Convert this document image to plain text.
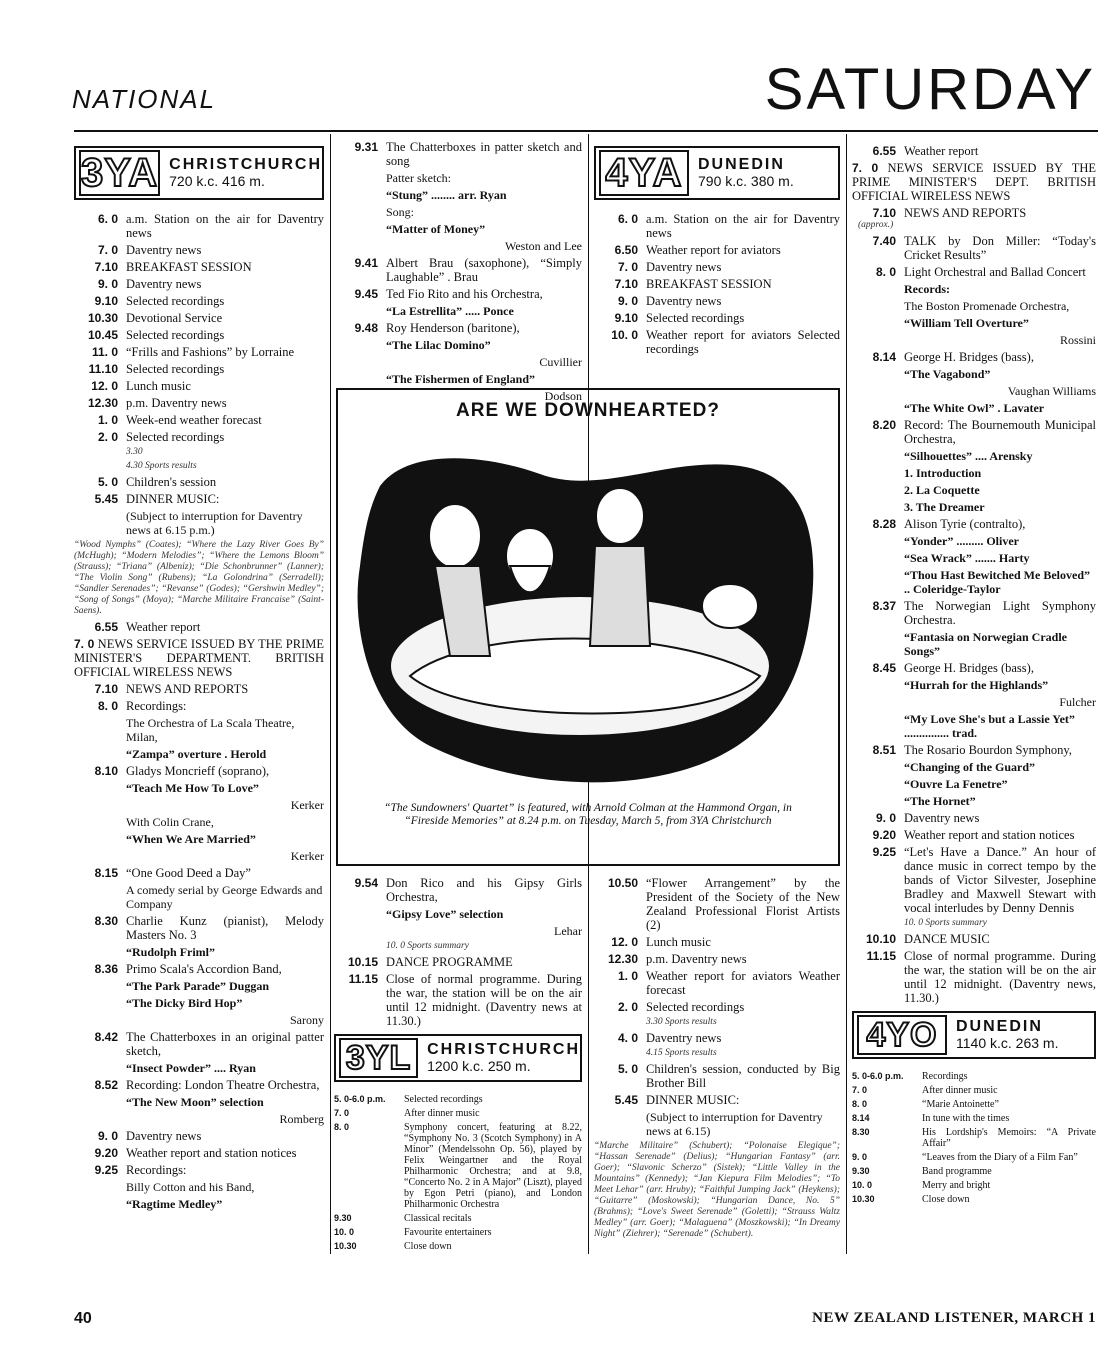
NATIONAL	SATURDAY
3YA CHRISTCHURCH
720 k.c. 416 m.
6. 0 a.m. Station on the air for Daventry news
7. 0 Daventry news
7.10 BREAKFAST SESSION
9. 0 Daventry news
9.10 Selected recordings
10.30 Devotional Service
10.45 Selected recordings
11. 0 “Frills and Fashions” by Lorraine
11.10 Selected recordings
12. 0 Lunch music
12.30 p.m. Daventry news
1. 0 Week-end weather forecast
2. 0 Selected recordings
3.30
4.30 Sports results
5. 0 Children's session
5.45 DINNER MUSIC:
(Subject to interruption for Daventry news at 6.15 p.m.)
“Wood Nymphs” (Coates); “Where the Lazy River Goes By” (McHugh); “Modern Melodies”; “Where the Lemons Bloom” (Strauss); “Triana” (Albeniz); “Die Schonbrunner” (Lanner); “The Violin Song” (Rubens); “La Golondrina” (Serradell); “Sandler Serenades”; “Revanse” (Godes); “Gershwin Medley”; “Song of Songs” (Moya); “Marche Militaire Francaise” (Saint-Saens).
6.55 Weather report
7. 0 NEWS SERVICE ISSUED BY THE PRIME MINISTER'S DEPARTMENT. BRITISH OFFICIAL WIRELESS NEWS
7.10 NEWS AND REPORTS
8. 0 Recordings:
The Orchestra of La Scala Theatre, Milan,
“Zampa” overture . Herold
8.10 Gladys Moncrieff (soprano),
“Teach Me How To Love”
Kerker
With Colin Crane,
“When We Are Married”
Kerker
8.15 “One Good Deed a Day”
A comedy serial by George Edwards and Company
8.30 Charlie Kunz (pianist), Melody Masters No. 3
“Rudolph Friml”
8.36 Primo Scala's Accordion Band,
“The Park Parade” Duggan
“The Dicky Bird Hop”
Sarony
8.42 The Chatterboxes in an original patter sketch,
“Insect Powder” .... Ryan
8.52 Recording: London Theatre Orchestra,
“The New Moon” selection
Romberg
9. 0 Daventry news
9.20 Weather report and station notices
9.25 Recordings:
Billy Cotton and his Band,
“Ragtime Medley”
9.31 The Chatterboxes in patter sketch and song
Patter sketch:
“Stung” ........ arr. Ryan
Song:
“Matter of Money”
Weston and Lee
9.41 Albert Brau (saxophone), “Simply Laughable” . Brau
9.45 Ted Fio Rito and his Orchestra,
“La Estrellita” ..... Ponce
9.48 Roy Henderson (baritone),
“The Lilac Domino”
Cuvillier
“The Fishermen of England”
Dodson
4YA DUNEDIN
790 k.c. 380 m.
6. 0 a.m. Station on the air for Daventry news
6.50 Weather report for aviators
7. 0 Daventry news
7.10 BREAKFAST SESSION
9. 0 Daventry news
9.10 Selected recordings
10. 0 Weather report for aviators Selected recordings
ARE WE DOWNHEARTED?
“The Sundowners' Quartet” is featured, with Arnold Colman at the Hammond Organ, in “Fireside Memories” at 8.24 p.m. on Tuesday, March 5, from 3YA Christchurch
9.54 Don Rico and his Gipsy Girls Orchestra,
“Gipsy Love” selection
Lehar
10. 0 Sports summary
10.15 DANCE PROGRAMME
11.15 Close of normal programme. During the war, the station will be on the air until 12 midnight. (Daventry news at 11.30.)
3YL CHRISTCHURCH
1200 k.c. 250 m.
5. 0-6.0 p.m.	Selected recordings
7. 0	After dinner music
8. 0	Symphony concert, featuring at 8.22, “Symphony No. 3 (Scotch Symphony) in A Minor” (Mendelssohn Op. 56), played by Felix Weingartner and the Royal Philharmonic Orchestra; and at 9.8, “Concerto No. 2 in A Major” (Liszt), played by Egon Petri (piano), and London Philharmonic Orchestra
9.30	Classical recitals
10. 0	Favourite entertainers
10.30	Close down
10.50 “Flower Arrangement” by the President of the Society of the New Zealand Professional Florist Artists (2)
12. 0 Lunch music
12.30 p.m. Daventry news
1. 0 Weather report for aviators Weather forecast
2. 0 Selected recordings
3.30 Sports results
4. 0 Daventry news
4.15 Sports results
5. 0 Children's session, conducted by Big Brother Bill
5.45 DINNER MUSIC:
(Subject to interruption for Daventry news at 6.15)
“Marche Militaire” (Schubert); “Polonaise Elegique”; “Hassan Serenade” (Delius); “Hungarian Fantasy” (arr. Goer); “Slavonic Scherzo” (Sistek); “Little Valley in the Mountains” (Kennedy); “Jan Kiepura Film Melodies”; “To Meet Lehar” (arr. Hruby); “Faithful Jumping Jack” (Heykens); “Guitarre” (Moskowski); “Hungarian Dance, No. 5” (Brahms); “Love's Sweet Serenade” (Goletti); “Strauss Waltz Medley” (arr. Goer); “Malaguena” (Moszkowski); “In Dreamy Night” (Ziehrer); “Serenade” (Schubert).
6.55 Weather report
7. 0 NEWS SERVICE ISSUED BY THE PRIME MINISTER'S DEPT. BRITISH OFFICIAL WIRELESS NEWS
7.10 NEWS AND REPORTS
(approx.)
7.40 TALK by Don Miller: “Today's Cricket Results”
8. 0 Light Orchestral and Ballad Concert
Records:
The Boston Promenade Orchestra,
“William Tell Overture”
Rossini
8.14 George H. Bridges (bass),
“The Vagabond”
Vaughan Williams
“The White Owl” . Lavater
8.20 Record: The Bournemouth Municipal Orchestra,
“Silhouettes” .... Arensky
1. Introduction
2. La Coquette
3. The Dreamer
8.28 Alison Tyrie (contralto),
“Yonder” ......... Oliver
“Sea Wrack” ....... Harty
“Thou Hast Bewitched Me Beloved” .. Coleridge-Taylor
8.37 The Norwegian Light Symphony Orchestra.
“Fantasia on Norwegian Cradle Songs”
8.45 George H. Bridges (bass),
“Hurrah for the Highlands”
Fulcher
“My Love She's but a Lassie Yet” ............... trad.
8.51 The Rosario Bourdon Symphony,
“Changing of the Guard”
“Ouvre La Fenetre”
“The Hornet”
9. 0 Daventry news
9.20 Weather report and station notices
9.25 “Let's Have a Dance.” An hour of dance music in correct tempo by the bands of Victor Silvester, Josephine Bradley and Maxwell Stewart with vocal interludes by Denny Dennis
10. 0 Sports summary
10.10 DANCE MUSIC
11.15 Close of normal programme. During the war, the station will be on the air until 12 midnight. (Daventry news, 11.30.)
4YO	DUNEDIN
1140 k.c. 263 m.
5. 0-6.0 p.m.	Recordings
7. 0	After dinner music
8. 0	“Marie Antoinette”
8.14	In tune with the times
8.30	His Lordship's Memoirs: “A Private Affair”
9. 0	“Leaves from the Diary of a Film Fan”
9.30	Band programme
10. 0	Merry and bright
10.30	Close down
40	NEW ZEALAND LISTENER, MARCH 1
